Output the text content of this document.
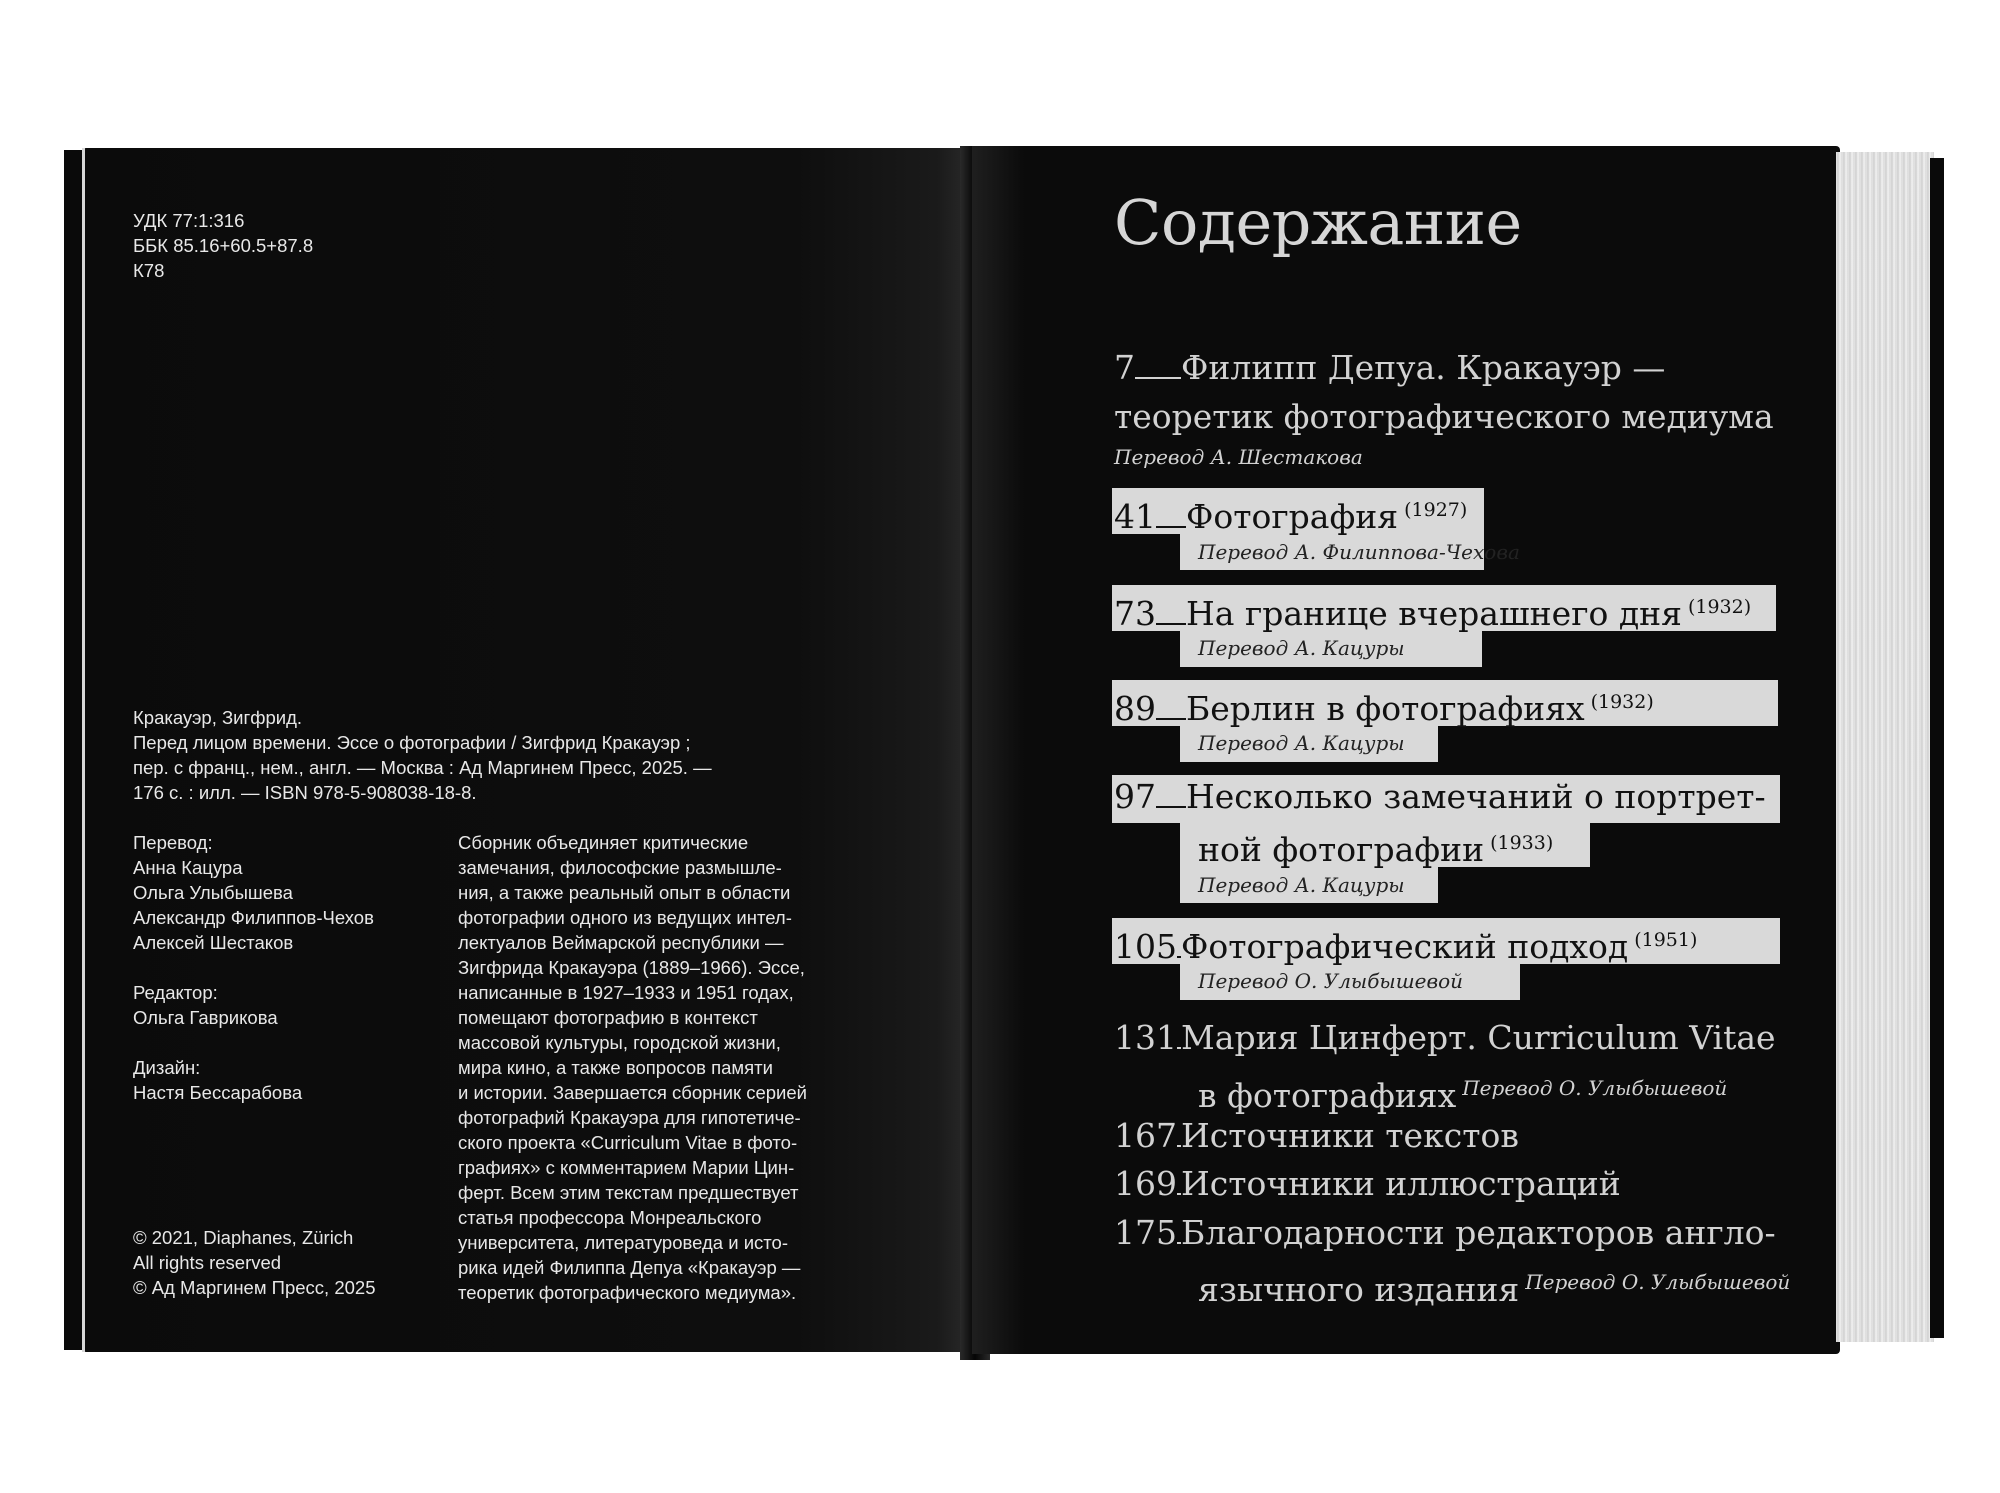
УДК 77:1:316
ББК 85.16+60.5+87.8
К78
Кракауэр, Зигфрид.
Перед лицом времени. Эссе о фотографии / Зигфрид Кракауэр ;
пер. с франц., нем., англ. — Москва : Ад Маргинем Пресс, 2025. —
176 с. : илл. — ISBN 978-5-908038-18-8.
Перевод:
Анна Кацура
Ольга Улыбышева
Александр Филиппов-Чехов
Алексей Шестаков
Редактор:
Ольга Гаврикова
Дизайн:
Настя Бессарабова
Сборник объединяет критические
замечания, философские размышле-
ния, а также реальный опыт в области
фотографии одного из ведущих интел-
лектуалов Веймарской республики —
Зигфрида Кракауэра (1889–1966). Эссе,
написанные в 1927–1933 и 1951 годах,
помещают фотографию в контекст
массовой культуры, городской жизни,
мира кино, а также вопросов памяти
и истории. Завершается сборник серией
фотографий Кракауэра для гипотетиче-
ского проекта «Curriculum Vitae в фото-
графиях» с комментарием Марии Цин-
ферт. Всем этим текстам предшествует
статья профессора Монреальского
университета, литературоведа и исто-
рика идей Филиппа Депуа «Кракауэр —
теоретик фотографического медиума».
© 2021, Diaphanes, Zürich
All rights reserved
© Ад Маргинем Пресс, 2025
Содержание
7 Филипп Депуа. Кракауэр —
теоретик фотографического медиума
Перевод А. Шестакова
41 Фотография $^{(1927)}$
Перевод А. Филиппова-Чехова
73 На границе вчерашнего дня $^{(1932)}$
Перевод А. Кацуры
89 Берлин в фотографиях $^{(1932)}$
Перевод А. Кацуры
97 Несколько замечаний о портрет-
ной фотографии $^{(1933)}$
Перевод А. Кацуры
105 Фотографический подход $^{(1951)}$
Перевод О. Улыбышевой
131 Мария Цинферт. Curriculum Vitae
в фотографиях $^{Перевод О. Улыбышевой}$
167 Источники текстов
169 Источники иллюстраций
175 Благодарности редакторов англо-
язычного издания $^{Перевод О. Улыбышевой}$
